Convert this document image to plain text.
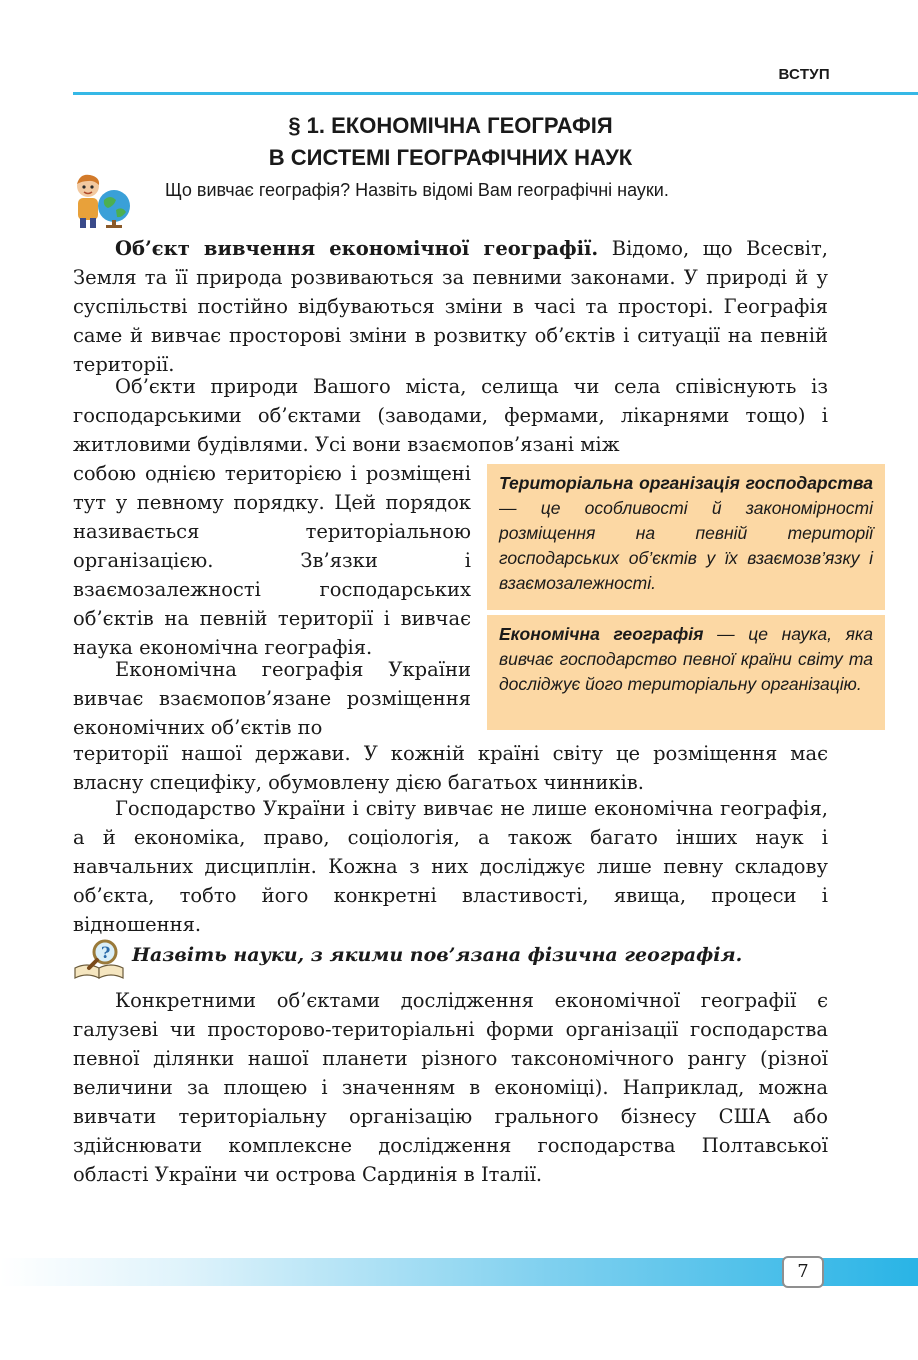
ВСТУП
§ 1. ЕКОНОМІЧНА ГЕОГРАФІЯ
В СИСТЕМІ ГЕОГРАФІЧНИХ НАУК
Що вивчає географія? Назвіть відомі Вам географічні науки.

Об’єкт вивчення економічної географії. Відомо, що Всесвіт, Земля та її природа розвиваються за певними законами. У природі й у суспільстві постійно відбуваються зміни в часі та просторі. Географія саме й вивчає просторові зміни в розвитку об’єктів і ситуації на певній території.

Об’єкти природи Вашого міста, селища чи села співіснують із господарськими об’єктами (заводами, фермами, лікарнями тощо) і житловими будівлями. Усі вони взаємопов’язані між

собою однією територією і розміщені тут у певному порядку. Цей порядок називається територіальною організацією. Зв’язки і взаємозалежності господарських об’єктів на певній території і вивчає наука економічна географія.

Економічна географія України вивчає взаємопов’язане розміщення економічних об’єктів по

території нашої держави. У кожній країні світу це розміщення має власну специфіку, обумовлену дією багатьох чинників.

Територіальна організація господарства — це особливості й закономірності розміщення на певній території господарських об’єктів у їх взаємозв’язку і взаємозалежності.
Економічна географія — це наука, яка вивчає господарство певної країни світу та досліджує його територіальну організацію.

Господарство України і світу вивчає не лише економічна географія, а й економіка, право, соціологія, а також багато інших наук і навчальних дисциплін. Кожна з них досліджує лише певну складову об’єкта, тобто його конкретні властивості, явища, процеси і відношення.

? Назвіть науки, з якими пов’язана фізична географія.

Конкретними об’єктами дослідження економічної географії є галузеві чи просторово-територіальні форми організації господарства певної ділянки нашої планети різного таксономічного рангу (різної величини за площею і значенням в економіці). Наприклад, можна вивчати територіальну організацію грального бізнесу США або здійснювати комплексне дослідження господарства Полтавської області України чи острова Сардинія в Італії.

7
